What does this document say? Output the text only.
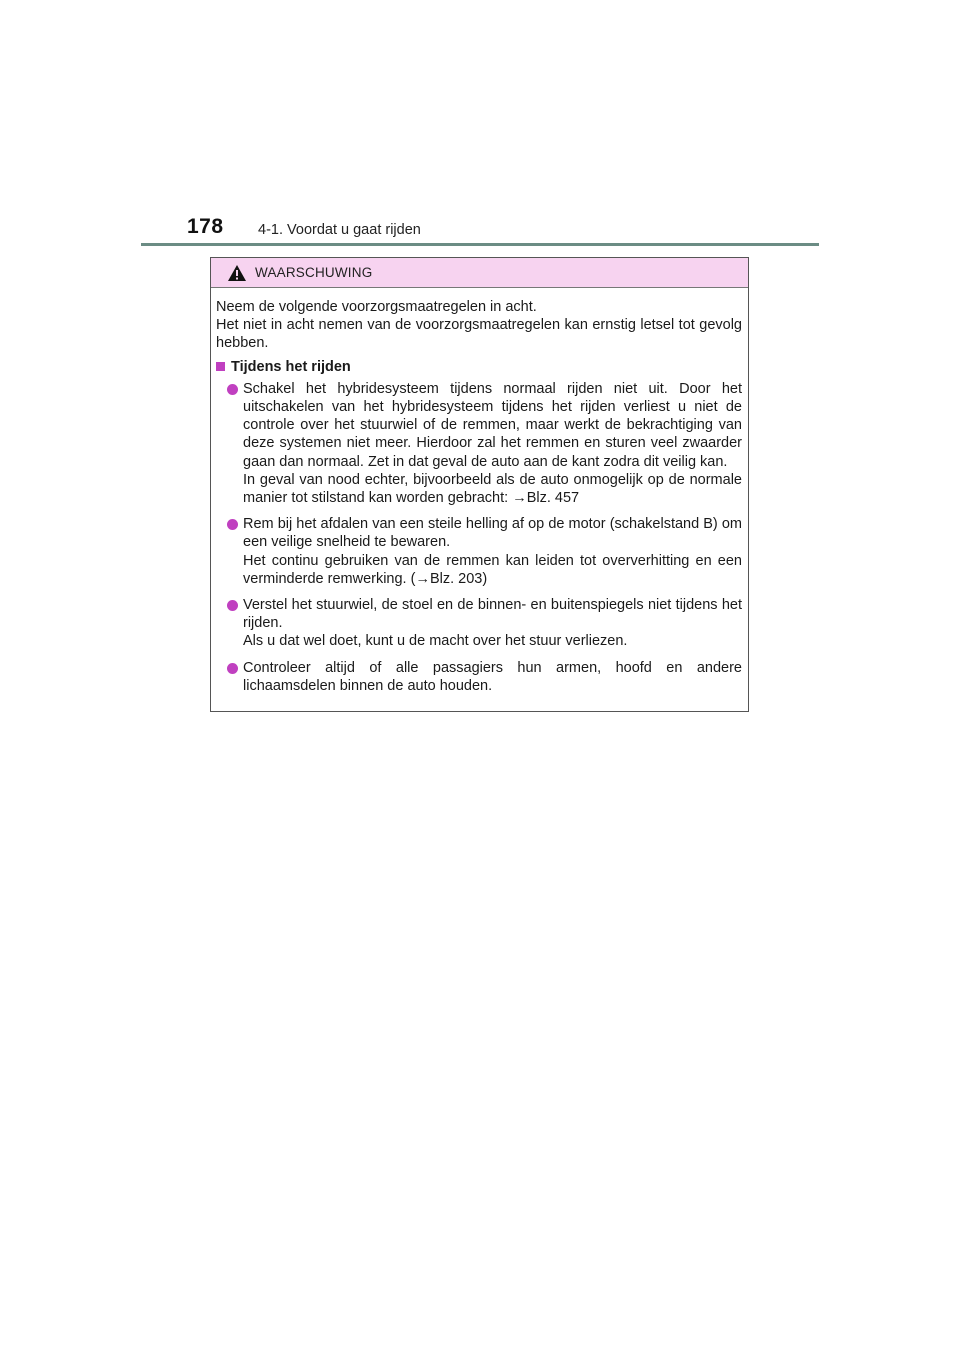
178 4-1. Voordat u gaat rijden
WAARSCHUWING

Neem de volgende voorzorgsmaatregelen in acht.
Het niet in acht nemen van de voorzorgsmaatregelen kan ernstig letsel tot gevolg hebben.

Tijdens het rijden

Schakel het hybridesysteem tijdens normaal rijden niet uit. Door het uitschakelen van het hybridesysteem tijdens het rijden verliest u niet de controle over het stuurwiel of de remmen, maar werkt de bekrachtiging van deze systemen niet meer. Hierdoor zal het remmen en sturen veel zwaarder gaan dan normaal. Zet in dat geval de auto aan de kant zodra dit veilig kan.

In geval van nood echter, bijvoorbeeld als de auto onmogelijk op de normale manier tot stilstand kan worden gebracht: →Blz. 457

Rem bij het afdalen van een steile helling af op de motor (schakelstand B) om een veilige snelheid te bewaren.

Het continu gebruiken van de remmen kan leiden tot oververhitting en een verminderde remwerking. (→Blz. 203)

Verstel het stuurwiel, de stoel en de binnen- en buitenspiegels niet tijdens het rijden.

Als u dat wel doet, kunt u de macht over het stuur verliezen.

Controleer altijd of alle passagiers hun armen, hoofd en andere lichaamsdelen binnen de auto houden.
